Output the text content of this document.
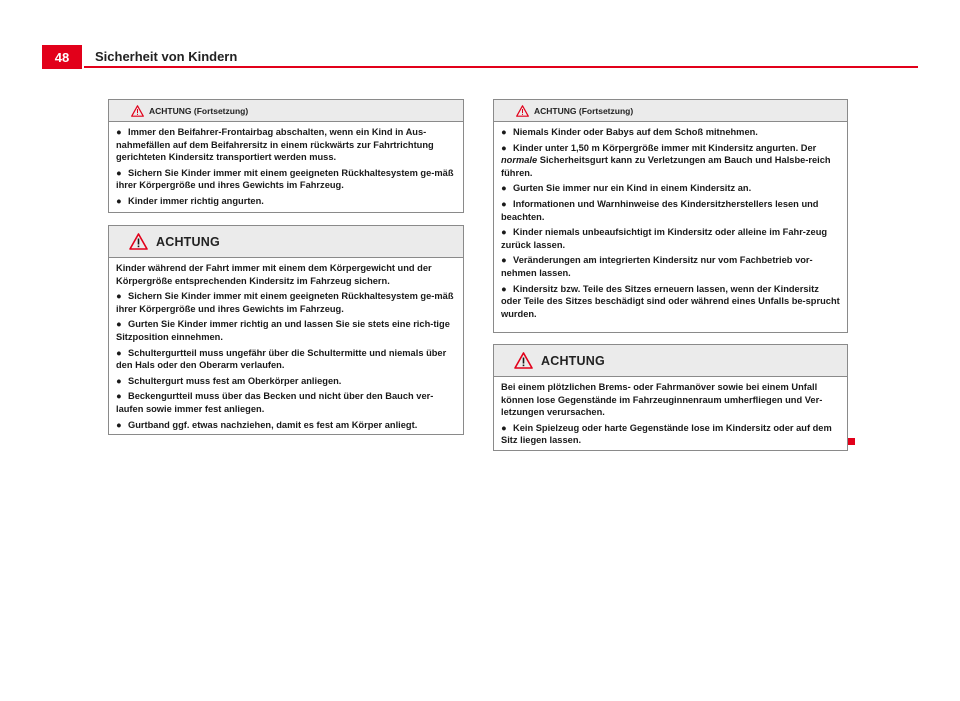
48	Sicherheit von Kindern
ACHTUNG (Fortsetzung)

● Immer den Beifahrer-Frontairbag abschalten, wenn ein Kind in Aus-nahmefällen auf dem Beifahrersitz in einem rückwärts zur Fahrtrichtung gerichteten Kindersitz transportiert werden muss.

● Sichern Sie Kinder immer mit einem geeigneten Rückhaltesystem ge-mäß ihrer Körpergröße und ihres Gewichts im Fahrzeug.

● Kinder immer richtig angurten.

ACHTUNG

Kinder während der Fahrt immer mit einem dem Körpergewicht und der Körpergröße entsprechenden Kindersitz im Fahrzeug sichern.

● Sichern Sie Kinder immer mit einem geeigneten Rückhaltesystem ge-mäß ihrer Körpergröße und ihres Gewichts im Fahrzeug.

● Gurten Sie Kinder immer richtig an und lassen Sie sie stets eine rich-tige Sitzposition einnehmen.

● Schultergurtteil muss ungefähr über die Schultermitte und niemals über den Hals oder den Oberarm verlaufen.

● Schultergurt muss fest am Oberkörper anliegen.

● Beckengurtteil muss über das Becken und nicht über den Bauch ver-laufen sowie immer fest anliegen.

● Gurtband ggf. etwas nachziehen, damit es fest am Körper anliegt.

ACHTUNG (Fortsetzung)

● Niemals Kinder oder Babys auf dem Schoß mitnehmen.

● Kinder unter 1,50 m Körpergröße immer mit Kindersitz angurten. Der normale Sicherheitsgurt kann zu Verletzungen am Bauch und Halsbe-reich führen.

● Gurten Sie immer nur ein Kind in einem Kindersitz an.

● Informationen und Warnhinweise des Kindersitzherstellers lesen und beachten.

● Kinder niemals unbeaufsichtigt im Kindersitz oder alleine im Fahr-zeug zurück lassen.

● Veränderungen am integrierten Kindersitz nur vom Fachbetrieb vor-nehmen lassen.

● Kindersitz bzw. Teile des Sitzes erneuern lassen, wenn der Kindersitz oder Teile des Sitzes beschädigt sind oder während eines Unfalls be-sprucht wurden.

ACHTUNG

Bei einem plötzlichen Brems- oder Fahrmanöver sowie bei einem Unfall können lose Gegenstände im Fahrzeuginnenraum umherfliegen und Ver-letzungen verursachen.

● Kein Spielzeug oder harte Gegenstände lose im Kindersitz oder auf dem Sitz liegen lassen.
